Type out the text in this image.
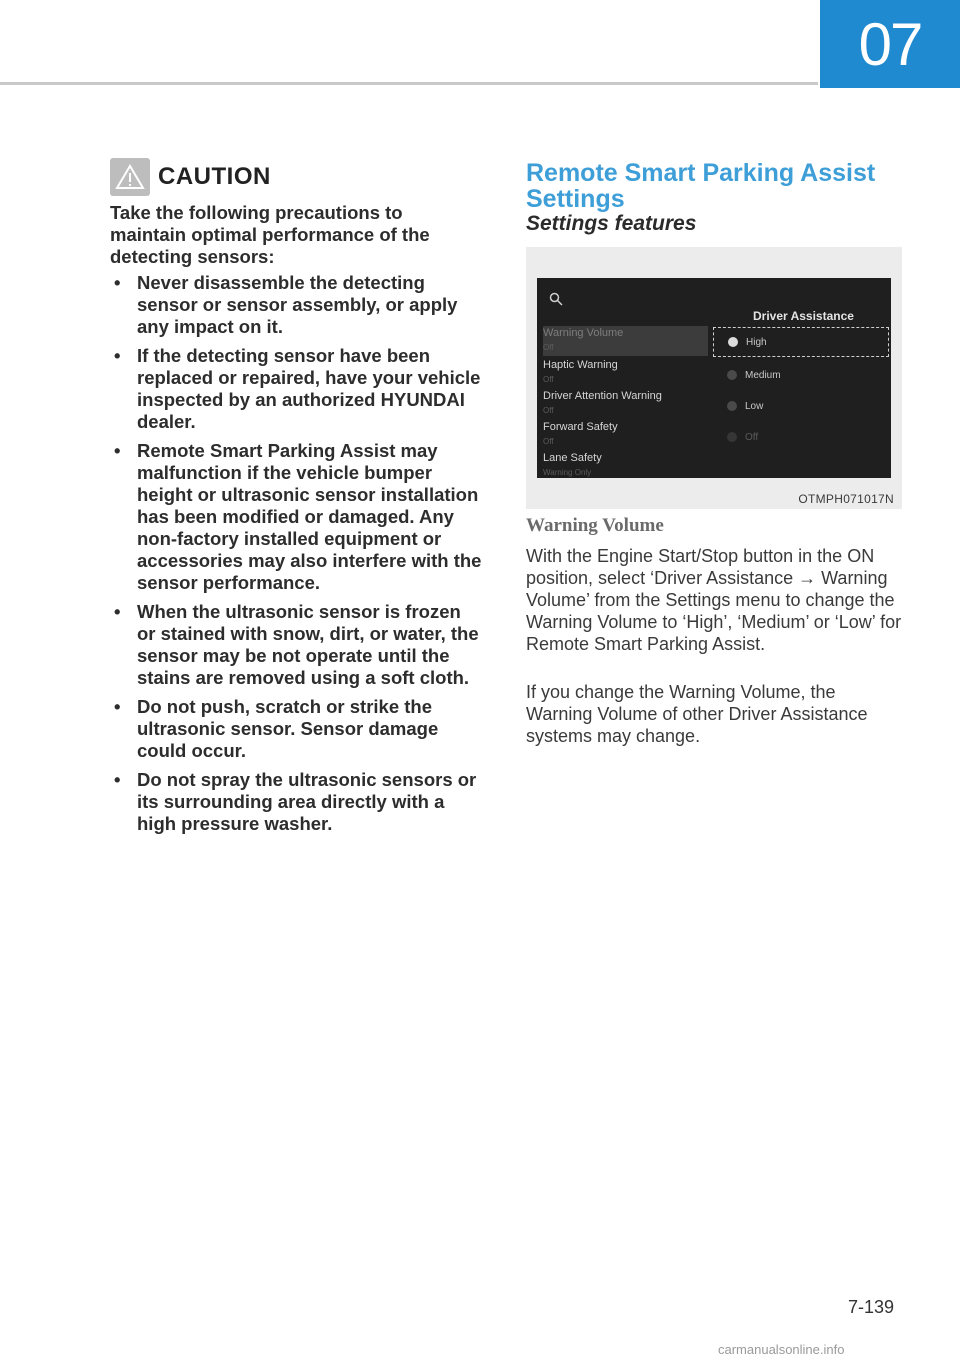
07
CAUTION
Take the following precautions to maintain optimal performance of the detecting sensors:
• Never disassemble the detecting sensor or sensor assembly, or apply any impact on it.
• If the detecting sensor have been replaced or repaired, have your vehicle inspected by an authorized HYUNDAI dealer.
• Remote Smart Parking Assist may malfunction if the vehicle bumper height or ultrasonic sensor installation has been modified or damaged. Any non-factory installed equipment or accessories may also interfere with the sensor performance.
• When the ultrasonic sensor is frozen or stained with snow, dirt, or water, the sensor may be not operate until the stains are removed using a soft cloth.
• Do not push, scratch or strike the ultrasonic sensor. Sensor damage could occur.
• Do not spray the ultrasonic sensors or its surrounding area directly with a high pressure washer.
Remote Smart Parking Assist Settings
Settings features
Warning Volume
Off
Haptic Warning
Off
Driver Attention Warning
Off
Forward Safety
Off
Lane Safety
Warning Only
Driver Assistance
High
Medium
Low
Off
OTMPH071017N
Warning Volume
With the Engine Start/Stop button in the ON position, select ‘Driver Assistance → Warning Volume’ from the Settings menu to change the Warning Volume to ‘High’, ‘Medium’ or ‘Low’ for Remote Smart Parking Assist.
If you change the Warning Volume, the Warning Volume of other Driver Assistance systems may change.
7-139
carmanualsonline.info
